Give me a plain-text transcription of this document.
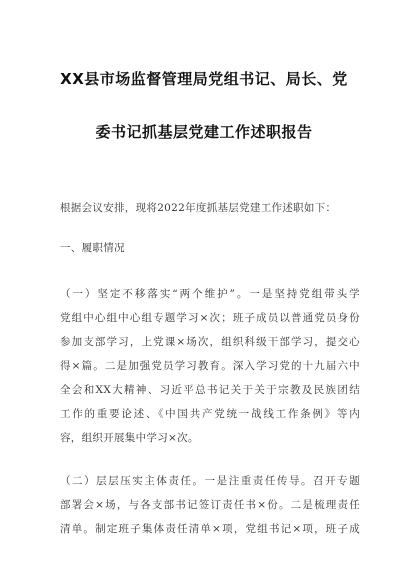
XX县市场监督管理局党组书记、局长、党
委书记抓基层党建工作述职报告
根据会议安排，现将2022年度抓基层党建工作述职如下：
一、履职情况
（一）坚定不移落实“两个维护”。一是坚持党组带头学
党组中心组中心组专题学习×次；班子成员以普通党员身份
参加支部学习，上党课×场次，组织科级干部学习，提交心
得×篇。二是加强党员学习教育。深入学习党的十九届六中
全会和XX大精神、习近平总书记关于关于宗教及民族团结
工作的重要论述、《中国共产党统一战线工作条例》等内
容，组织开展集中学习×次。
（二）层层压实主体责任。一是注重责任传导。召开专题
部署会×场，与各支部书记签订责任书×份。二是梳理责任
清单。制定班子集体责任清单×项，党组书记×项，班子成
